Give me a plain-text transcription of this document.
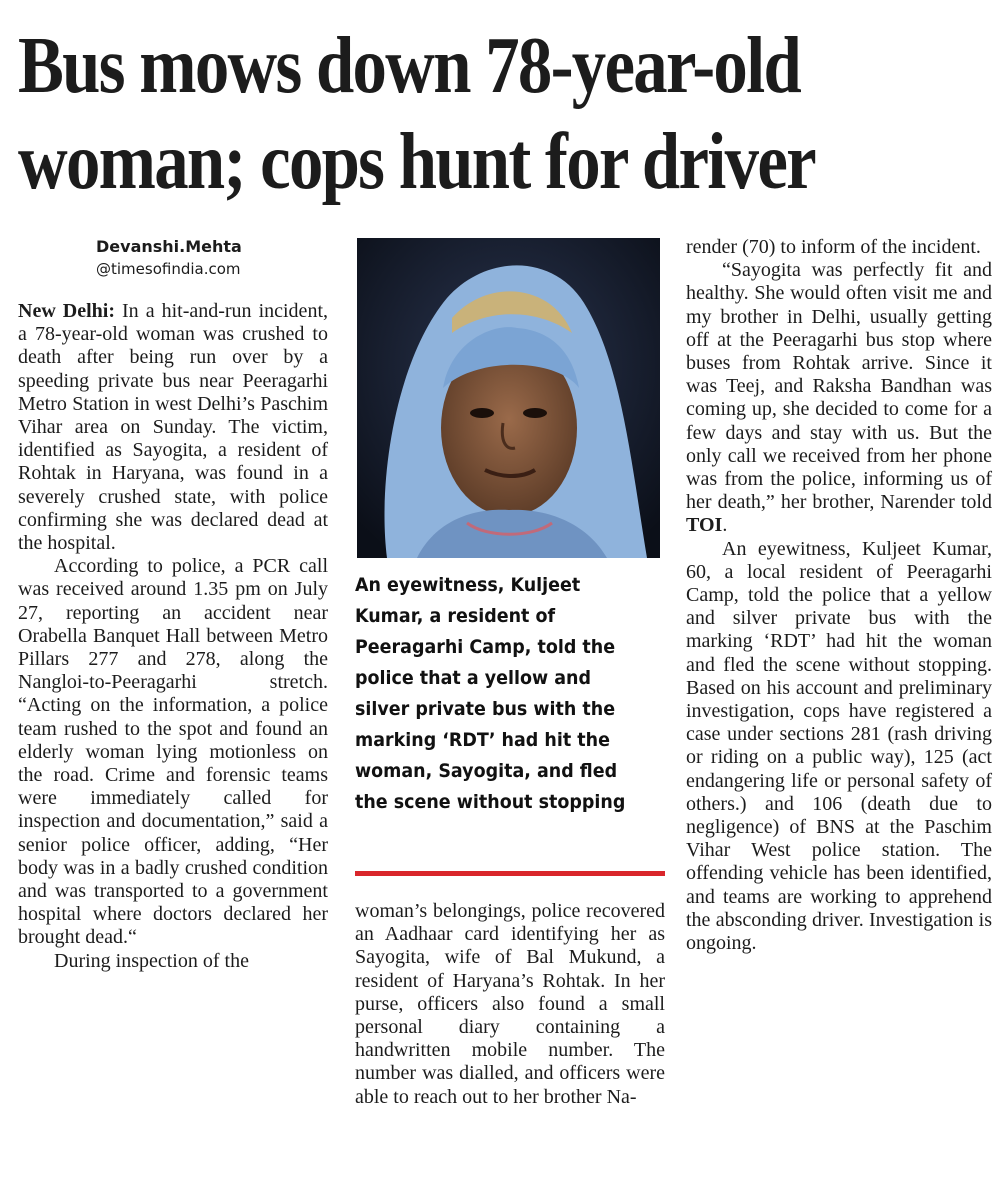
Bus mows down 78-year-old
woman; cops hunt for driver
Devanshi.Mehta
@timesofindia.com

New Delhi: In a hit-and-run incident, a 78-year-old woman was crushed to death after being run over by a speeding private bus near Peeragarhi Metro Station in west Delhi’s Paschim Vihar area on Sunday. The victim, identified as Sayogita, a resident of Rohtak in Haryana, was found in a severely crushed state, with police confirming she was declared dead at the hospital.

According to police, a PCR call was received around 1.35 pm on July 27, reporting an accident near Orabella Banquet Hall between Metro Pillars 277 and 278, along the Nangloi-to-Peeragarhi stretch. “Acting on the information, a police team rushed to the spot and found an elderly woman lying motionless on the road. Crime and forensic teams were immediately called for inspection and documentation,” said a senior police officer, adding, “Her body was in a badly crushed condition and was transported to a government hospital where doctors declared her brought dead.“

During inspection of the

An eyewitness, Kuljeet Kumar, a resident of Peeragarhi Camp, told the police that a yellow and silver private bus with the marking ‘RDT’ had hit the woman, Sayogita, and fled the scene without stopping

woman’s belongings, police recovered an Aadhaar card identifying her as Sayogita, wife of Bal Mukund, a resident of Haryana’s Rohtak. In her purse, officers also found a small personal diary containing a handwritten mobile number. The number was dialled, and officers were able to reach out to her brother Na-

render (70) to inform of the incident.

“Sayogita was perfectly fit and healthy. She would often visit me and my brother in Delhi, usually getting off at the Peeragarhi bus stop where buses from Rohtak arrive. Since it was Teej, and Raksha Bandhan was coming up, she decided to come for a few days and stay with us. But the only call we received from her phone was from the police, informing us of her death,” her brother, Narender told TOI.

An eyewitness, Kuljeet Kumar, 60, a local resident of Peeragarhi Camp, told the police that a yellow and silver private bus with the marking ‘RDT’ had hit the woman and fled the scene without stopping. Based on his account and preliminary investigation, cops have registered a case under sections 281 (rash driving or riding on a public way), 125 (act endangering life or personal safety of others.) and 106 (death due to negligence) of BNS at the Paschim Vihar West police station. The offending vehicle has been identified, and teams are working to apprehend the absconding driver. Investigation is ongoing.
